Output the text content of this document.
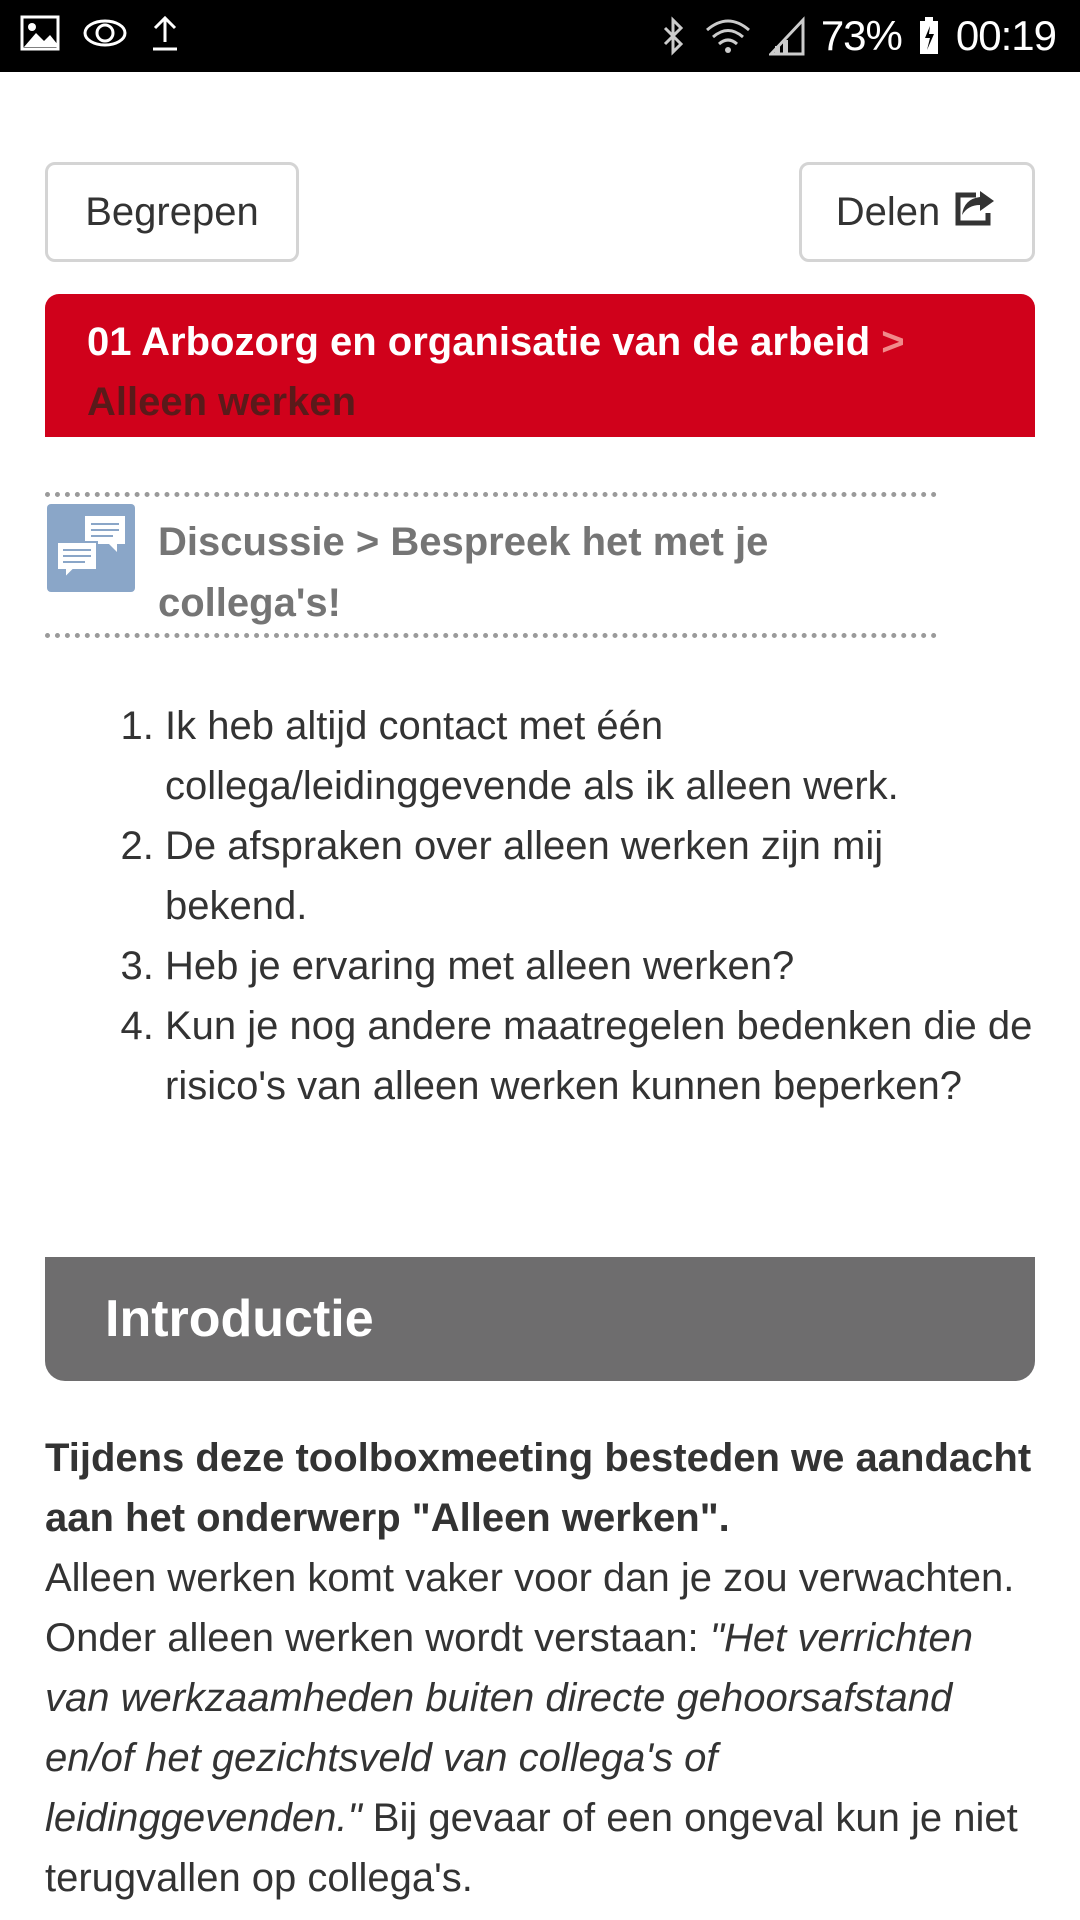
73% 00:19
Begrepen	Delen
01 Arbozorg en organisatie van de arbeid > Alleen werken
Discussie > Bespreek het met je collega's!
1. Ik heb altijd contact met één collega/leidinggevende als ik alleen werk.
2. De afspraken over alleen werken zijn mij bekend.
3. Heb je ervaring met alleen werken?
4. Kun je nog andere maatregelen bedenken die de risico's van alleen werken kunnen beperken?
Introductie

Tijdens deze toolboxmeeting besteden we aandacht aan het onderwerp "Alleen werken".

Alleen werken komt vaker voor dan je zou verwachten. Onder alleen werken wordt verstaan: "Het verrichten van werkzaamheden buiten directe gehoorsafstand en/of het gezichtsveld van collega's of leidinggevenden." Bij gevaar of een ongeval kun je niet terugvallen op collega's.
